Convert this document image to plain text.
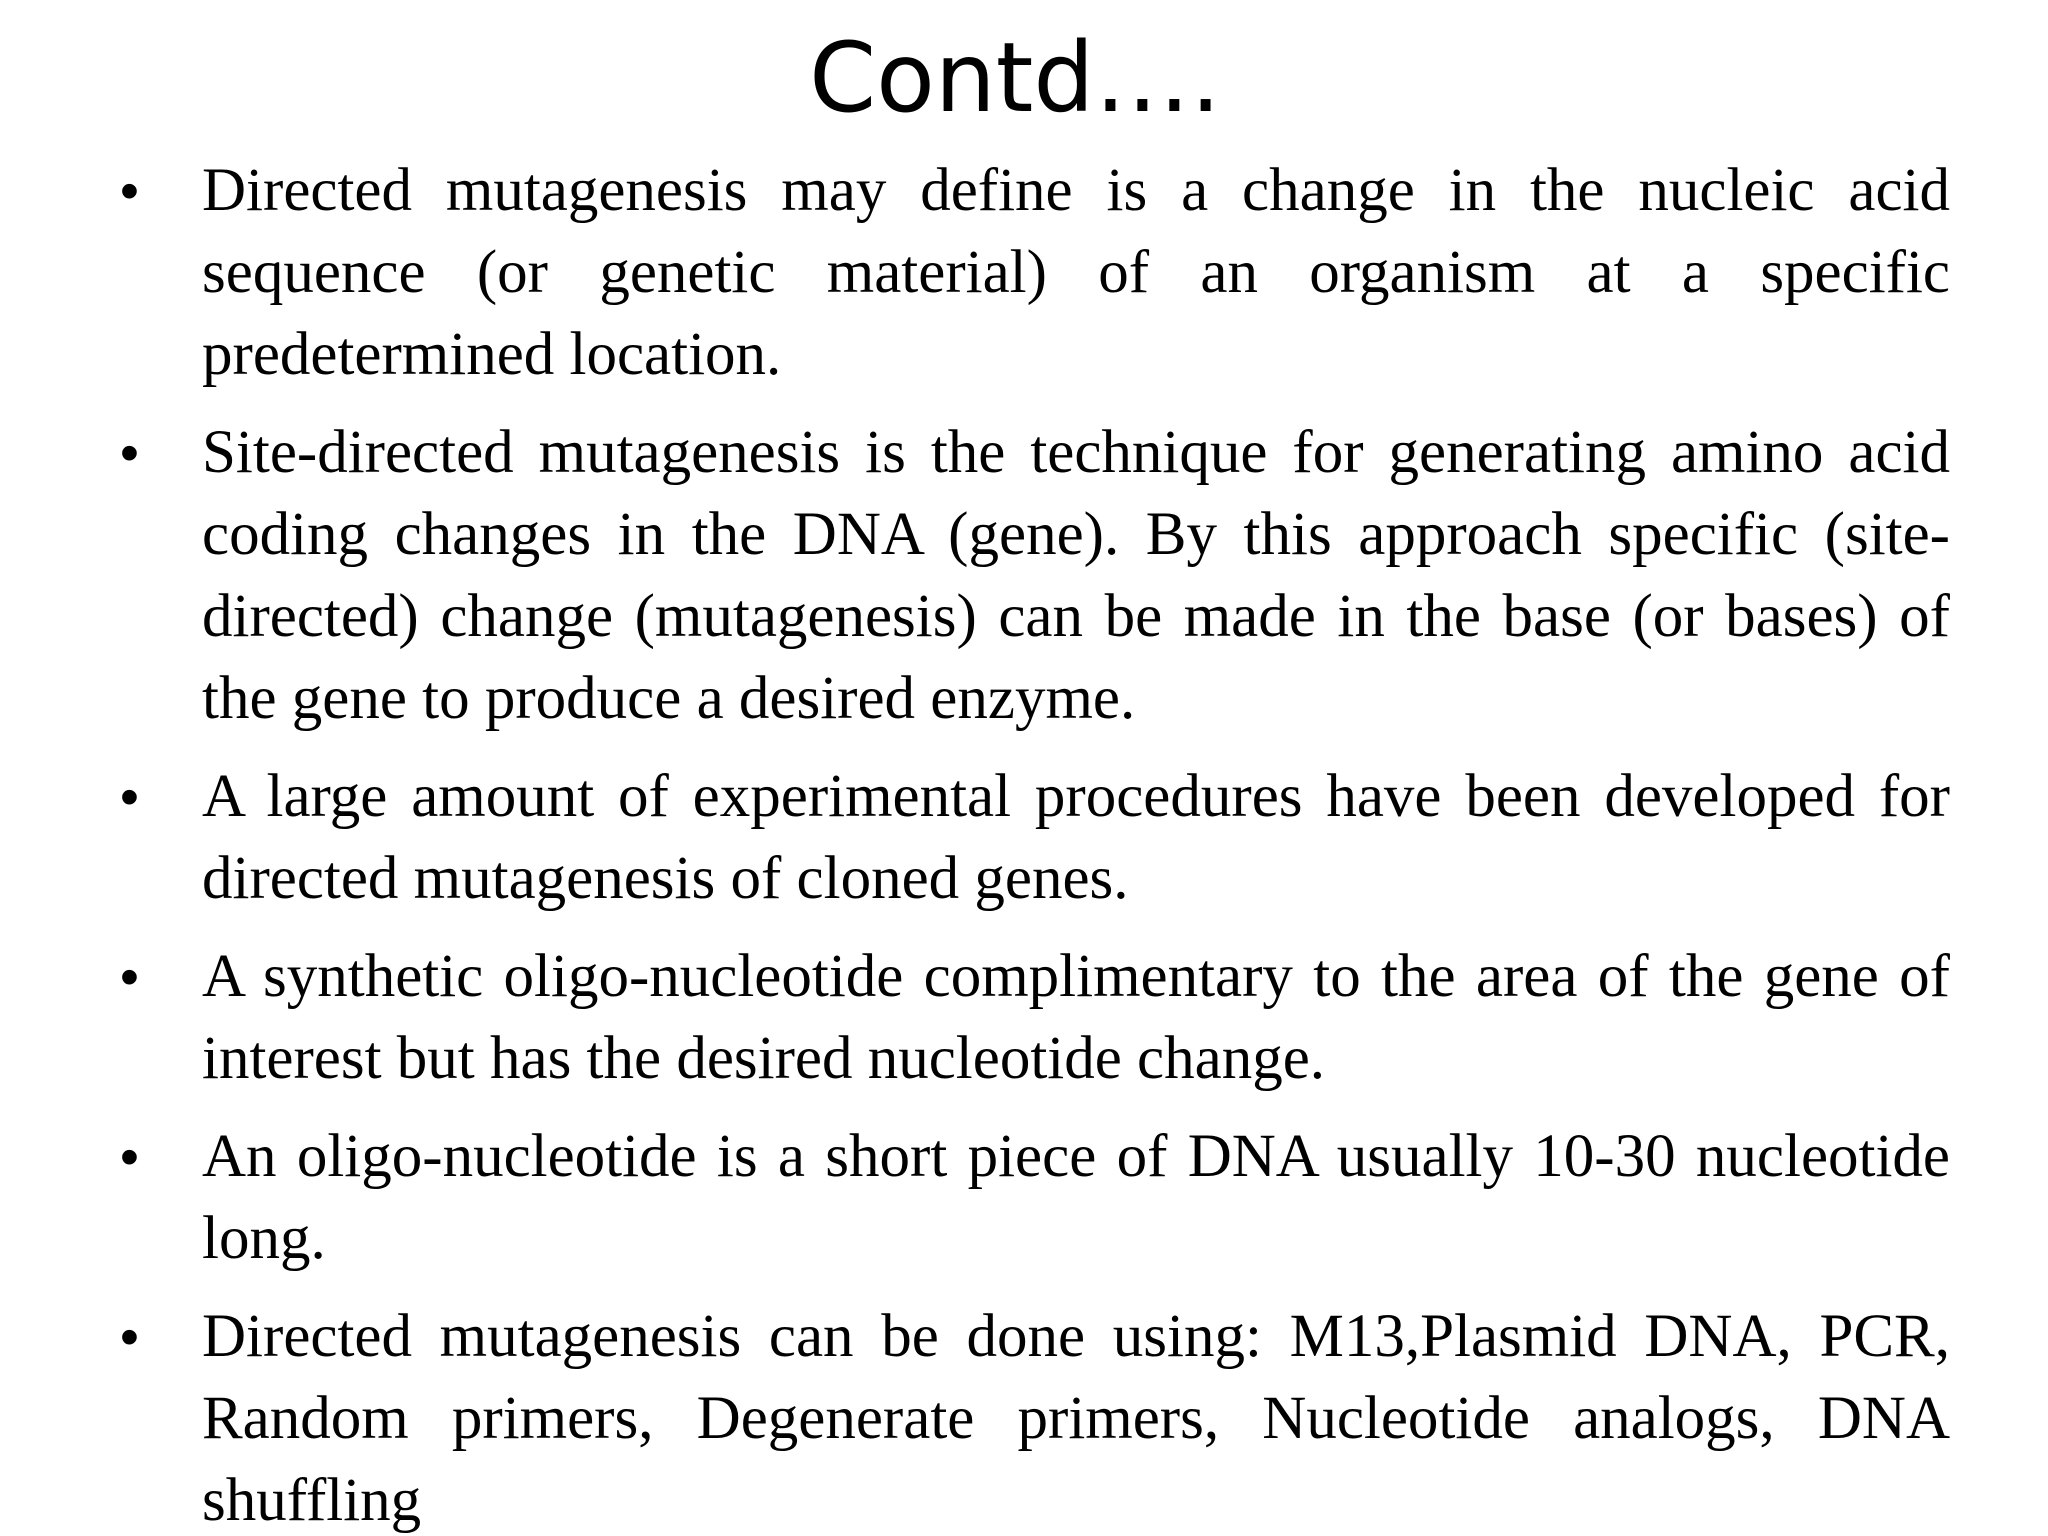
Contd….
• Directed mutagenesis may define is a change in the nucleic acid sequence (or genetic material) of an organism at a specific predetermined location.
• Site-directed mutagenesis is the technique for generating amino acid coding changes in the DNA (gene). By this approach specific (site-directed) change (mutagenesis) can be made in the base (or bases) of the gene to produce a desired enzyme.
• A large amount of experimental procedures have been developed for directed mutagenesis of cloned genes.
• A synthetic oligo-nucleotide complimentary to the area of the gene of interest but has the desired nucleotide change.
• An oligo-nucleotide is a short piece of DNA usually 10-30 nucleotide long.
• Directed mutagenesis can be done using: M13,Plasmid DNA, PCR, Random primers, Degenerate primers, Nucleotide analogs, DNA shuffling
